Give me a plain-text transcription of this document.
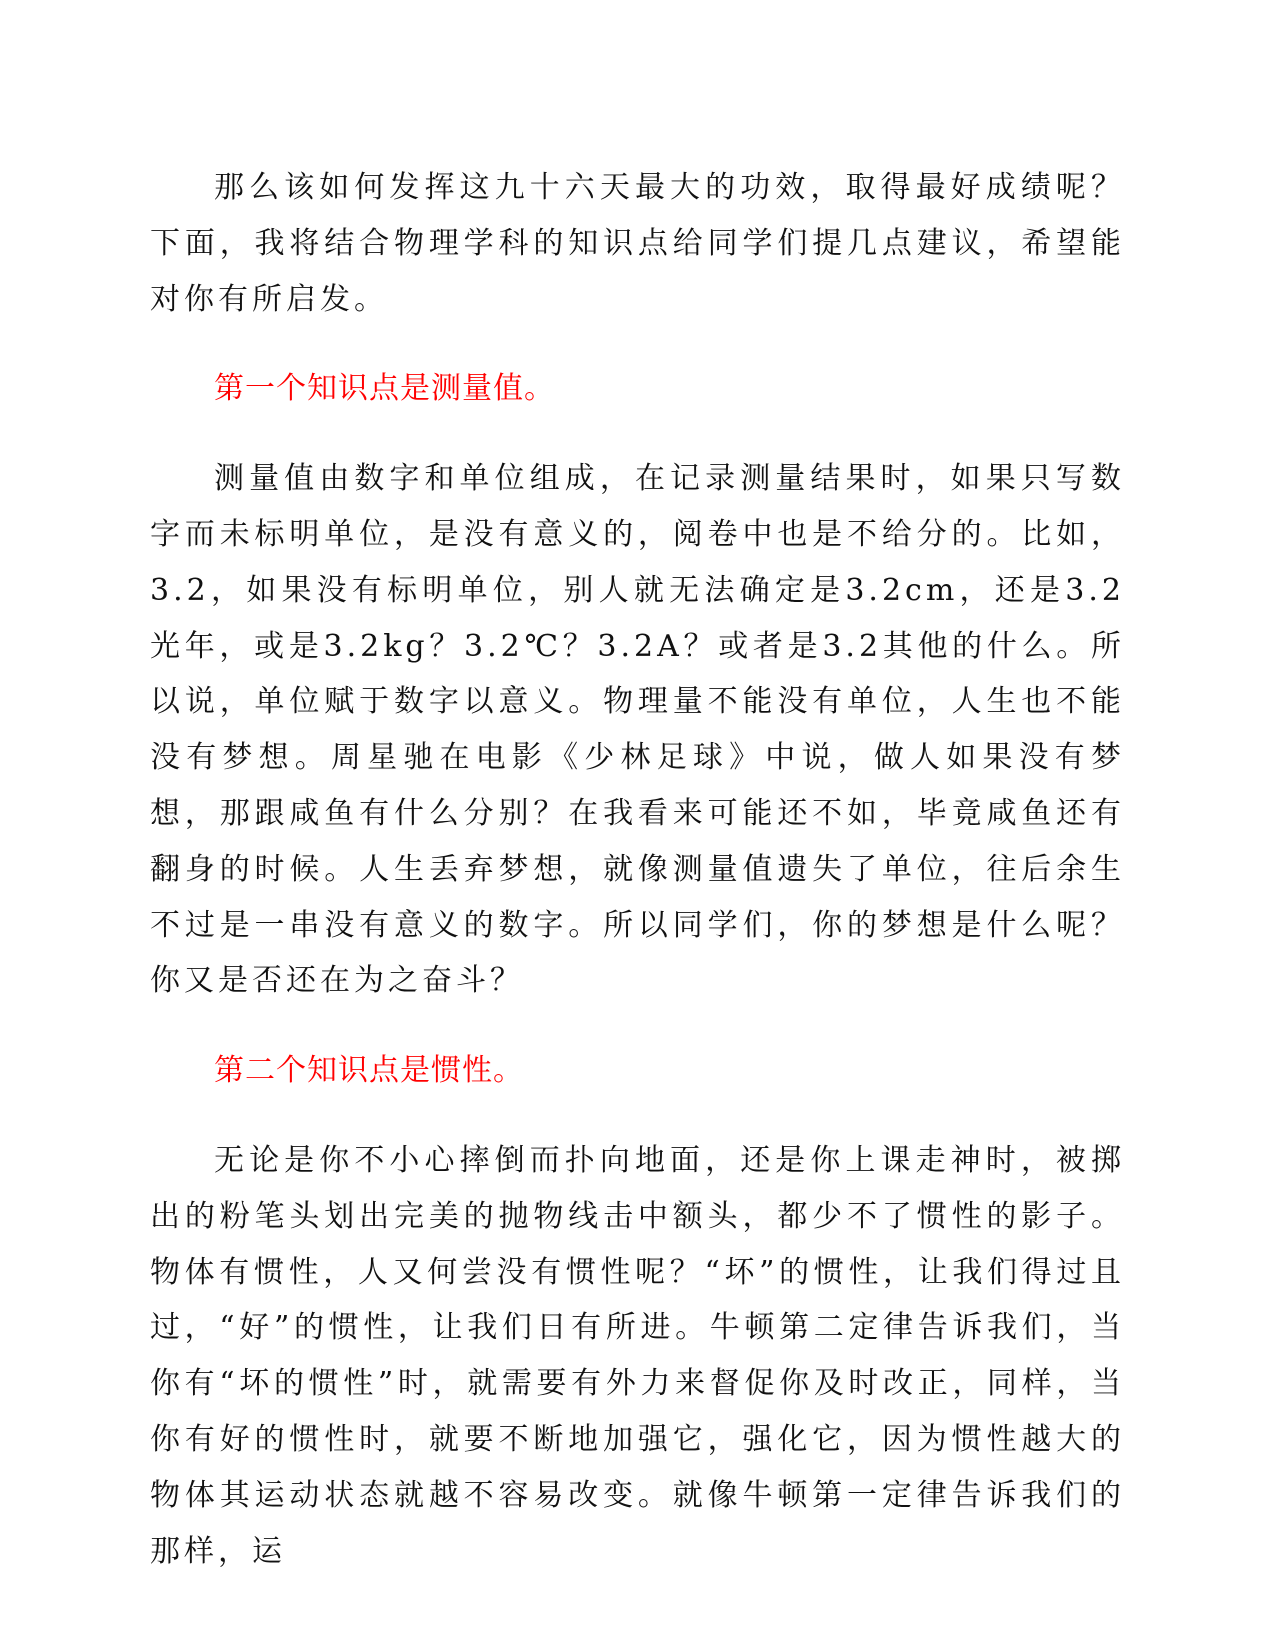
那么该如何发挥这九十六天最大的功效，取得最好成绩呢？下面，我将结合物理学科的知识点给同学们提几点建议，希望能对你有所启发。

第一个知识点是测量值。

测量值由数字和单位组成，在记录测量结果时，如果只写数字而未标明单位，是没有意义的，阅卷中也是不给分的。比如，3.2，如果没有标明单位，别人就无法确定是3.2cm，还是3.2光年，或是3.2kg？3.2℃？3.2A？或者是3.2其他的什么。所以说，单位赋于数字以意义。物理量不能没有单位，人生也不能没有梦想。周星驰在电影《少林足球》中说，做人如果没有梦想，那跟咸鱼有什么分别？在我看来可能还不如，毕竟咸鱼还有翻身的时候。人生丢弃梦想，就像测量值遗失了单位，往后余生不过是一串没有意义的数字。所以同学们，你的梦想是什么呢？你又是否还在为之奋斗？

第二个知识点是惯性。

无论是你不小心摔倒而扑向地面，还是你上课走神时，被掷出的粉笔头划出完美的抛物线击中额头，都少不了惯性的影子。物体有惯性，人又何尝没有惯性呢？“坏”的惯性，让我们得过且过，“好”的惯性，让我们日有所进。牛顿第二定律告诉我们，当你有“坏的惯性”时，就需要有外力来督促你及时改正，同样，当你有好的惯性时，就要不断地加强它，强化它，因为惯性越大的物体其运动状态就越不容易改变。就像牛顿第一定律告诉我们的那样，运
